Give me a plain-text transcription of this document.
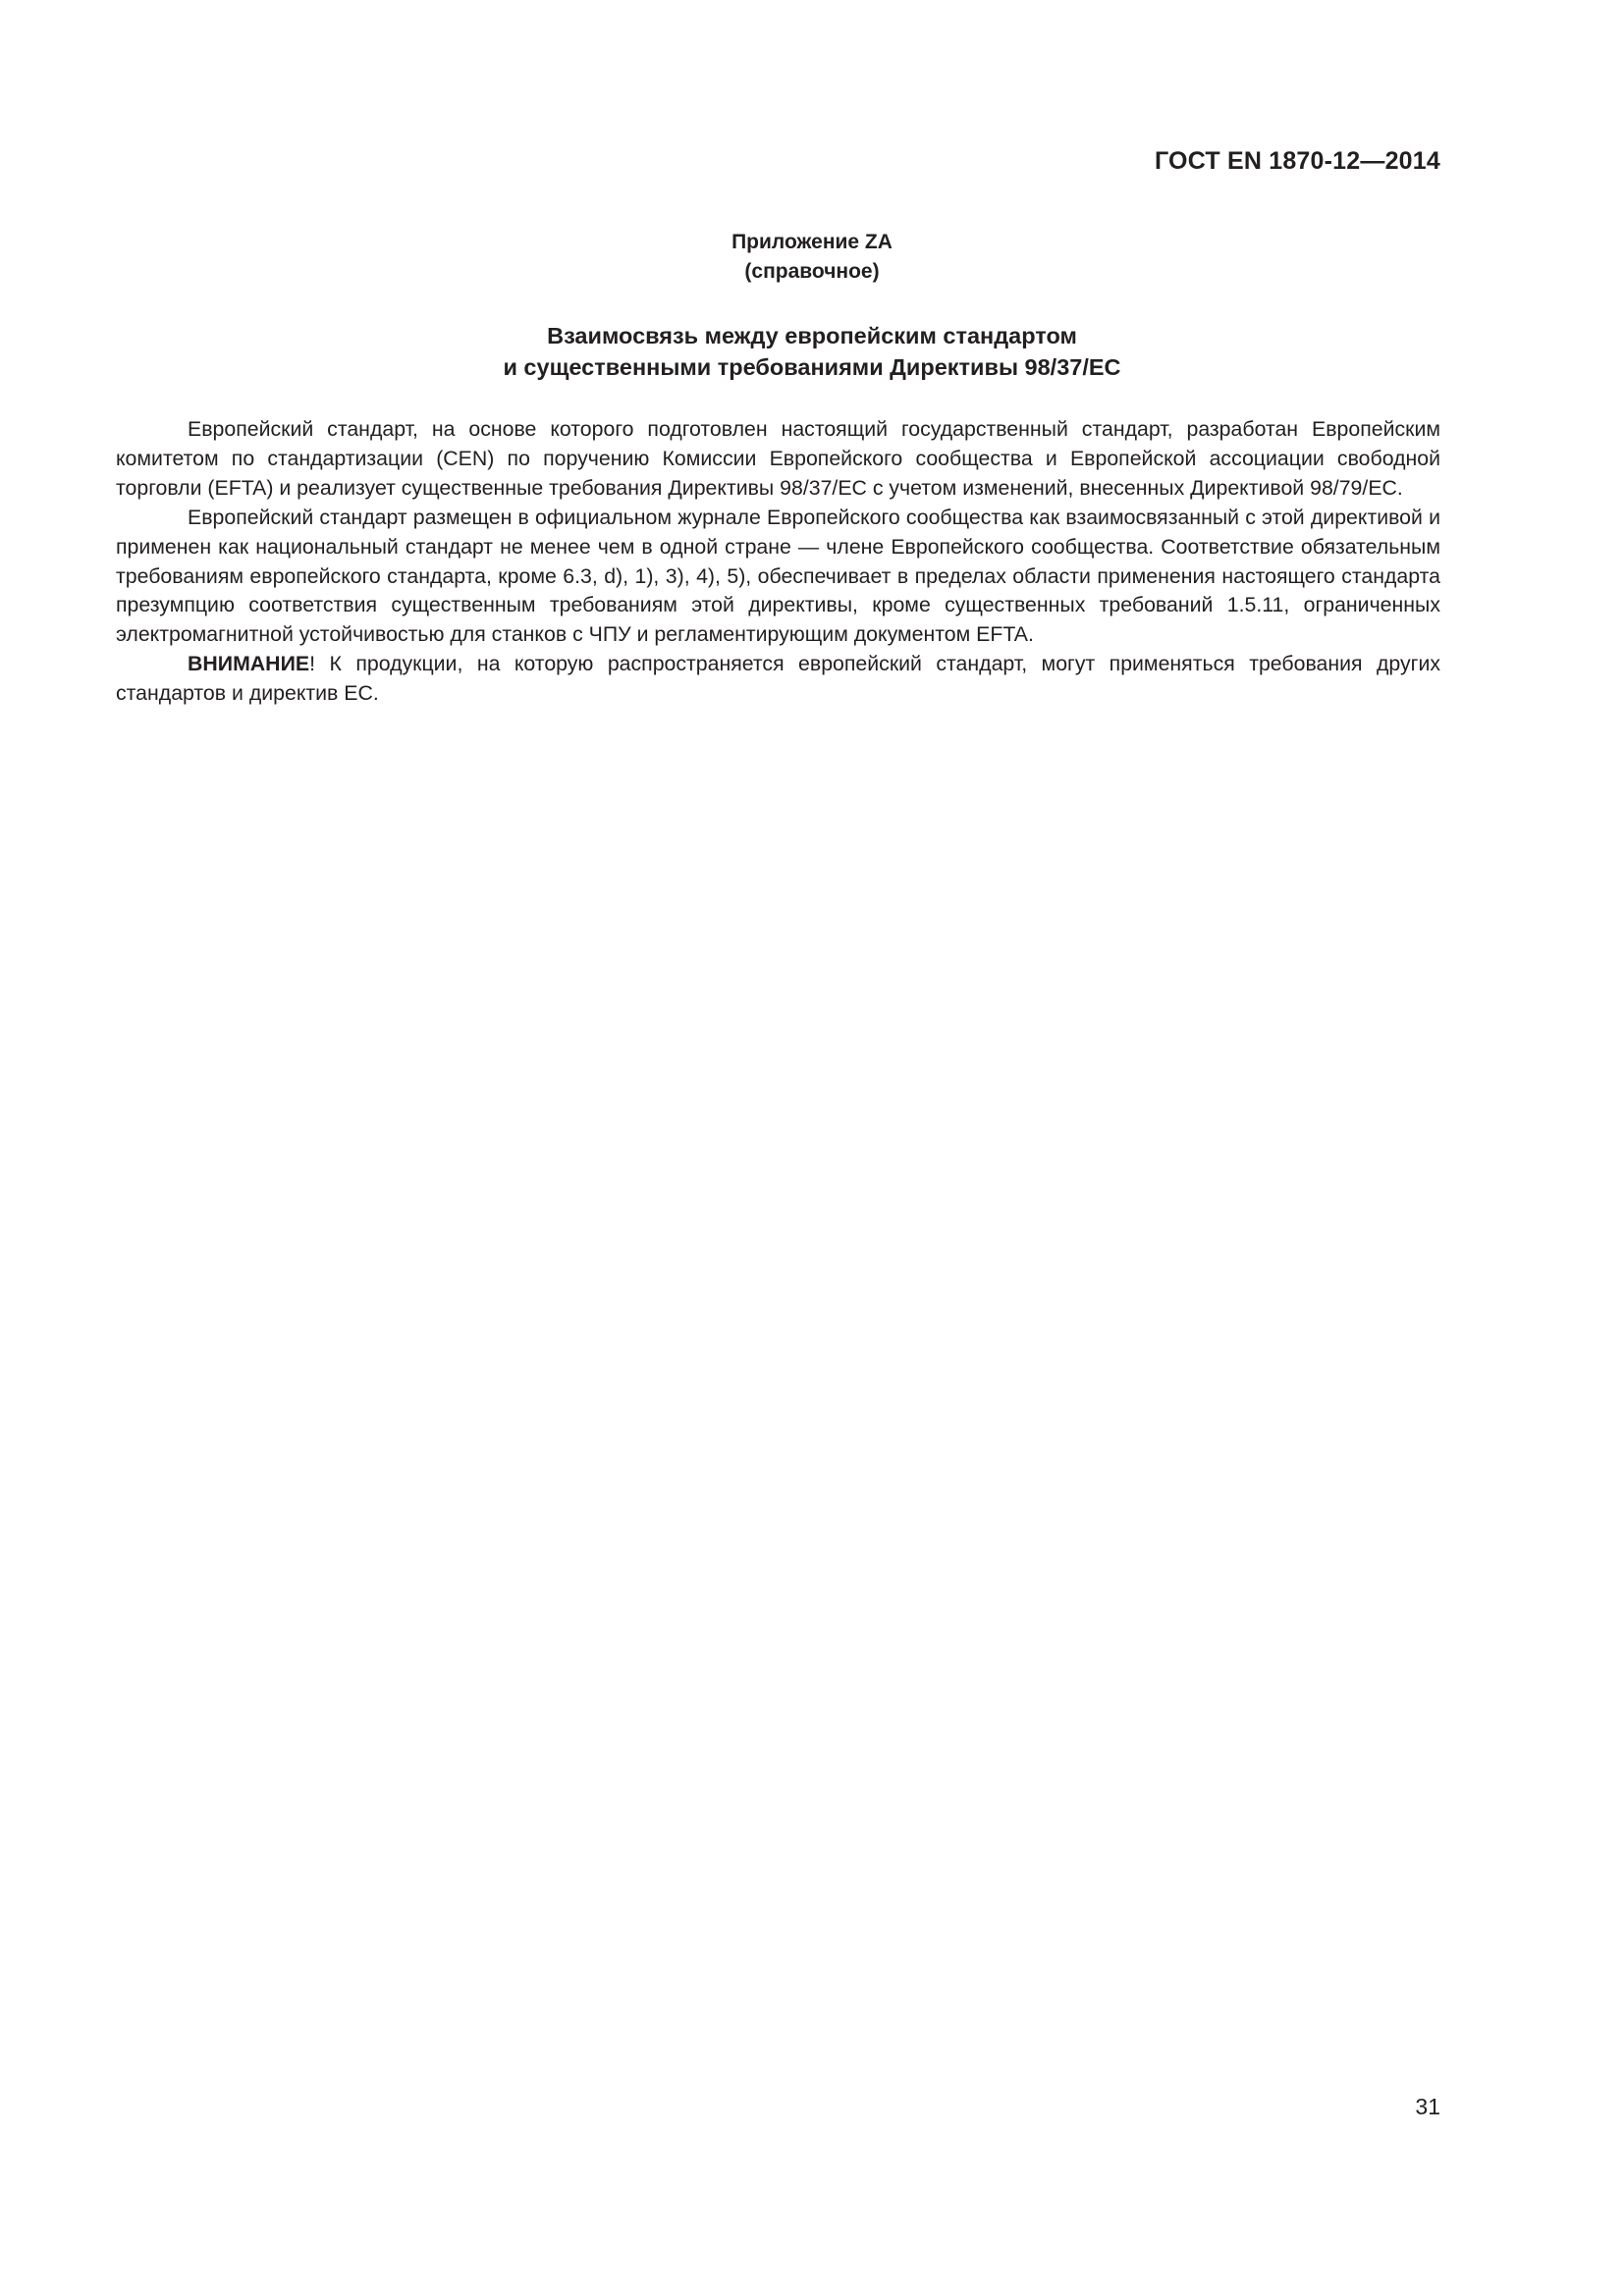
ГОСТ EN 1870-12—2014
Приложение ZA
(справочное)
Взаимосвязь между европейским стандартом
и существенными требованиями Директивы 98/37/ЕС

Европейский стандарт, на основе которого подготовлен настоящий государственный стандарт, разработан Европейским комитетом по стандартизации (CEN) по поручению Комиссии Европейского сообщества и Европейской ассоциации свободной торговли (EFTA) и реализует существенные требования Директивы 98/37/ЕС с учетом изменений, внесенных Директивой 98/79/ЕС.

Европейский стандарт размещен в официальном журнале Европейского сообщества как взаимосвязанный с этой директивой и применен как национальный стандарт не менее чем в одной стране — члене Европейского сообщества. Соответствие обязательным требованиям европейского стандарта, кроме 6.3, d), 1), 3), 4), 5), обеспечивает в пределах области применения настоящего стандарта презумпцию соответствия существенным требованиям этой директивы, кроме существенных требований 1.5.11, ограниченных электромагнитной устойчивостью для станков с ЧПУ и регламентирующим документом EFTA.

ВНИМАНИЕ! К продукции, на которую распространяется европейский стандарт, могут применяться требования других стандартов и директив ЕС.

31
